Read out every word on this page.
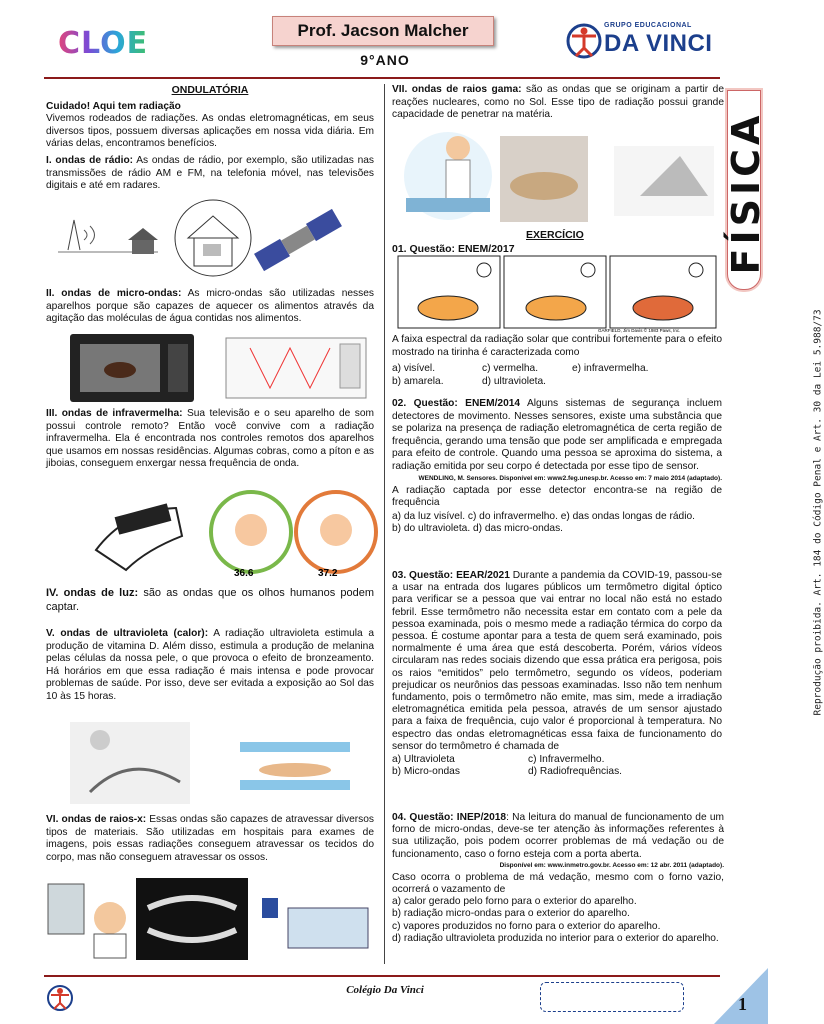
CLOE	Prof. Jacson Malcher
9°ANO
GRUPO EDUCACIONAL
DA VINCI
FÍSICA
Reprodução proibida. Art. 184 do Código Penal e Art. 30 da Lei 5.988/73

ONDULATÓRIA

Cuidado! Aqui tem radiação

Vivemos rodeados de radiações. As ondas eletromagnéticas, em seus diversos tipos, possuem diversas aplicações em nossa vida diária. Em várias delas, encontramos benefícios.

I. ondas de rádio: As ondas de rádio, por exemplo, são utilizadas nas transmissões de rádio AM e FM, na telefonia móvel, nas televisões digitais e até em radares.

II. ondas de micro-ondas: As micro-ondas são utilizadas nesses aparelhos porque são capazes de aquecer os alimentos através da agitação das moléculas de água contidas nos alimentos.

III. ondas de infravermelha: Sua televisão e o seu aparelho de som possui controle remoto? Então você convive com a radiação infravermelha. Ela é encontrada nos controles remotos dos aparelhos que usamos em nossas residências. Algumas cobras, como a píton e as jiboias, conseguem enxergar nessa frequência de onda.

36.6	37.2

IV. ondas de luz: são as ondas que os olhos humanos podem captar.

V. ondas de ultravioleta (calor): A radiação ultravioleta estimula a produção de vitamina D. Além disso, estimula a produção de melanina pelas células da nossa pele, o que provoca o efeito de bronzeamento. Há horários em que essa radiação é mais intensa e pode provocar problemas de saúde. Por isso, deve ser evitada a exposição ao Sol das 10 às 15 horas.

VI. ondas de raios-x: Essas ondas são capazes de atravessar diversos tipos de materiais. São utilizadas em hospitais para exames de imagens, pois essas radiações conseguem atravessar os tecidos do corpo, mas não conseguem atravessar os ossos.

VII. ondas de raios gama: são as ondas que se originam a partir de reações nucleares, como no Sol. Esse tipo de radiação possui grande capacidade de penetrar na matéria.

EXERCÍCIO
01. Questão: ENEM/2017
GARFIELD, Jim Davis © 1983 Paws, Inc.

A faixa espectral da radiação solar que contribui fortemente para o efeito mostrado na tirinha é caracterizada como

a) visível.	c) vermelha.	e) infravermelha.
b) amarela.	d) ultravioleta.

02. Questão: ENEM/2014 Alguns sistemas de segurança incluem detectores de movimento. Nesses sensores, existe uma substância que se polariza na presença de radiação eletromagnética de certa região de frequência, gerando uma tensão que pode ser amplificada e empregada para efeito de controle. Quando uma pessoa se aproxima do sistema, a radiação emitida por seu corpo é detectada por esse tipo de sensor.

WENDLING, M. Sensores. Disponível em: www2.feg.unesp.br. Acesso em: 7 maio 2014 (adaptado).

A radiação captada por esse detector encontra-se na região de frequência

a) da luz visível. c) do infravermelho. e) das ondas longas de rádio.
b) do ultravioleta. d) das micro-ondas.

03. Questão: EEAR/2021 Durante a pandemia da COVID-19, passou-se a usar na entrada dos lugares públicos um termômetro digital óptico para verificar se a pessoa que vai entrar no local não está no estado febril. Esse termômetro não necessita estar em contato com a pele da pessoa examinada, pois o mesmo mede a radiação térmica do corpo da pessoa. É costume apontar para a testa de quem será examinado, pois normalmente é uma área que está descoberta. Porém, vários vídeos circularam nas redes sociais dizendo que essa prática era perigosa, pois os raios “emitidos” pelo termômetro, segundo os vídeos, poderiam prejudicar os neurônios das pessoas examinadas. Isso não tem nenhum fundamento, pois o termômetro não emite, mas sim, mede a irradiação eletromagnética emitida pela pessoa, através de um sensor ajustado para a faixa de frequência, cujo valor é proporcional à temperatura. No espectro das ondas eletromagnéticas essa faixa de funcionamento do sensor do termômetro é chamada de

a) Ultravioleta	c) Infravermelho.
b) Micro-ondas	d) Radiofrequências.

04. Questão: INEP/2018: Na leitura do manual de funcionamento de um forno de micro-ondas, deve-se ter atenção às informações referentes à sua utilização, pois podem ocorrer problemas de má vedação ou de funcionamento, caso o forno esteja com a porta aberta.

Disponível em: www.inmetro.gov.br. Acesso em: 12 abr. 2011 (adaptado).

Caso ocorra o problema de má vedação, mesmo com o forno vazio, ocorrerá o vazamento de

a) calor gerado pelo forno para o exterior do aparelho.
b) radiação micro-ondas para o exterior do aparelho.
c) vapores produzidos no forno para o exterior do aparelho.
d) radiação ultravioleta produzida no interior para o exterior do aparelho.
Colégio Da Vinci
1
